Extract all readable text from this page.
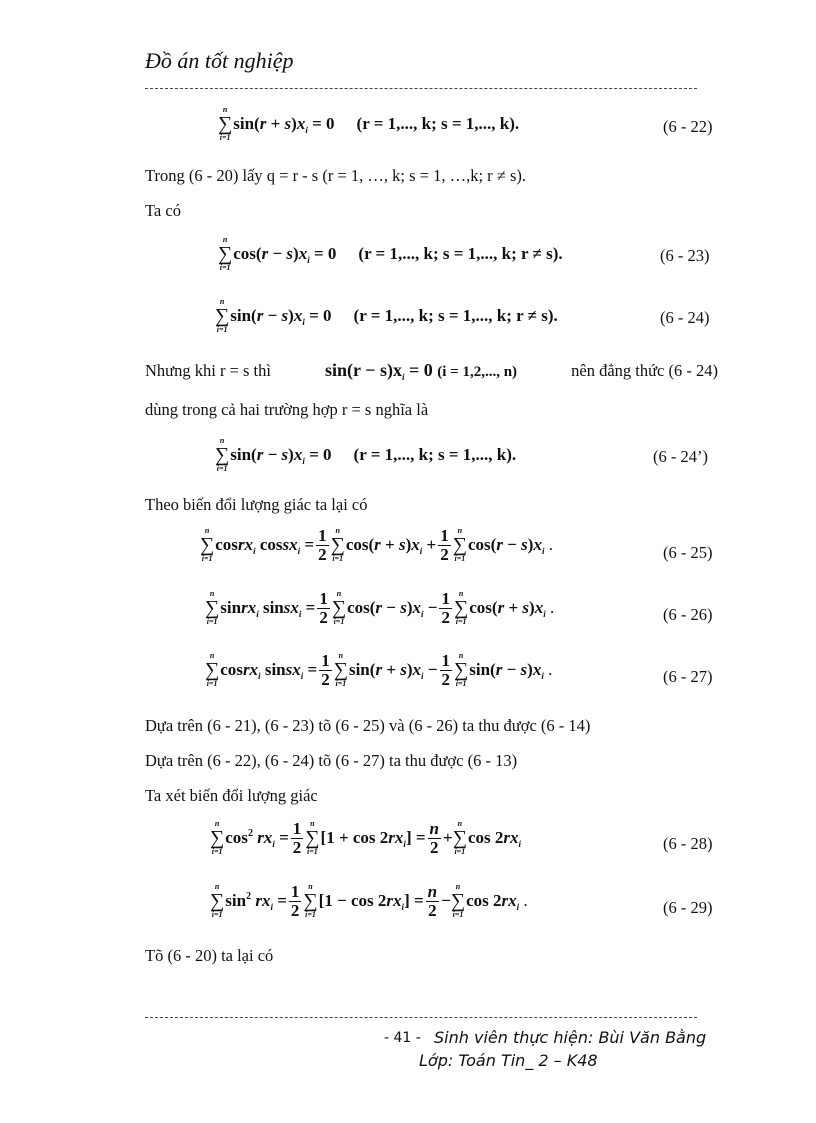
Đồ án tốt nghiệp
n
∑
i=1
$\sin(r + s)x_i = 0$ (r = 1,..., k; s = 1,..., k) .	(6 - 22)
Trong (6 - 20) lấy q = r - s (r = 1, …, k; s = 1, …,k; r ≠ s).
Ta có
n
∑
i=1
$\cos(r - s)x_i = 0$ (r = 1,..., k; s = 1,..., k; r ≠ s) .	(6 - 23)
n
∑
i=1
$\sin(r - s)x_i = 0$ (r = 1,..., k; s = 1,..., k; r ≠ s) .	(6 - 24)
Nhưng khi r = s thì	$\sin(r - s)x_i = 0$ (i = 1,2,..., n)	nên đẳng thức (6 - 24)
dùng trong cả hai trường hợp r = s nghĩa là
n
∑
i=1
$\sin(r - s)x_i = 0$ (r = 1,..., k; s = 1,..., k) .	(6 - 24’)
Theo biến đổi lượng giác ta lại có
n
∑
i=1
cosrx$_i$ cossx$_i$ = $\frac{1}{2}$ n
∑
i=1
$\cos(r + s)x_i + \frac{1}{2}$ n
∑
i=1
$\cos(r - s)x_i$ .	(6 - 25)
n
∑
i=1
sinrx$_i$ sinsx$_i$ = $\frac{1}{2}$ n
∑
i=1
$\cos(r - s)x_i - \frac{1}{2}$ n
∑
i=1
$\cos(r + s)x_i$ .	(6 - 26)
n
∑
i=1
cosrx$_i$ sinsx$_i$ = $\frac{1}{2}$ n
∑
i=1
$\sin(r + s)x_i - \frac{1}{2}$ n
∑
i=1
$\sin(r - s)x_i$ .	(6 - 27)
Dựa trên (6 - 21), (6 - 23) tõ (6 - 25) và (6 - 26) ta thu được (6 - 14)
Dựa trên (6 - 22), (6 - 24) tõ (6 - 27) ta thu được (6 - 13)
Ta xét biến đổi lượng giác
n
∑
i=1
$\cos^2 rx_i = \frac{1}{2}$ n
∑
i=1
$[1 + \cos 2rx_i] = \frac{n}{2}$ +
n
∑
i=1
$\cos 2rx_i$	(6 - 28)
n
∑
i=1
$\sin^2 rx_i = \frac{1}{2}$ n
∑
i=1
$[1 - \cos 2rx_i] = \frac{n}{2}$ −
n
∑
i=1
$\cos 2rx_i$ .	(6 - 29)
Tõ (6 - 20) ta lại có
- 41 - Sinh viên thực hiện: Bùi Văn Bằng
Lớp: Toán Tin_ 2 – K48
